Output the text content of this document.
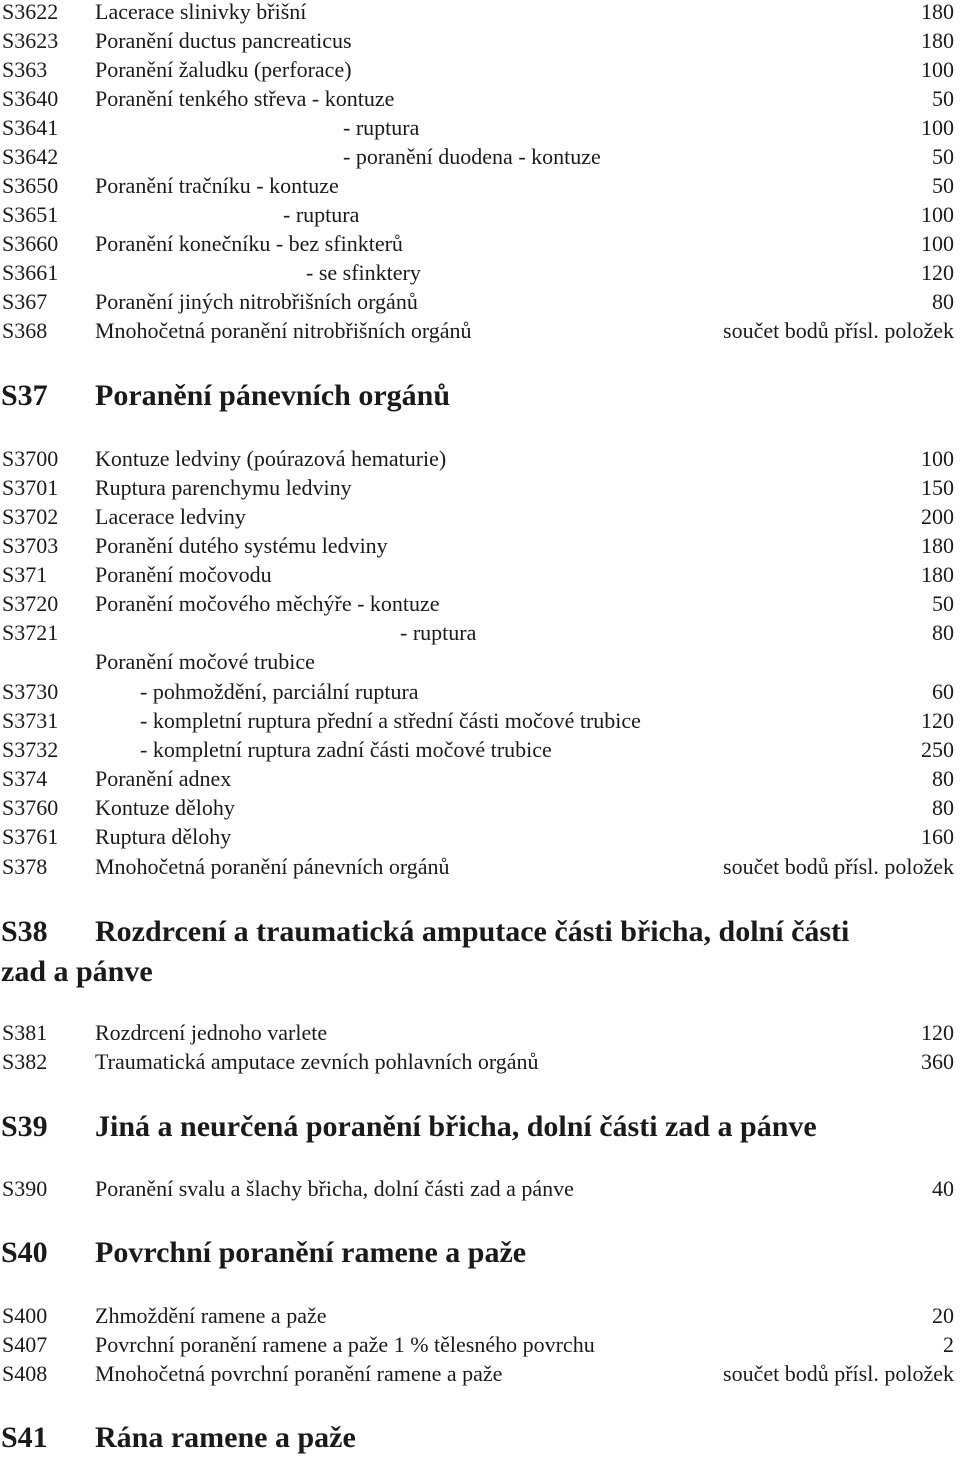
S3622 Lacerace slinivky břišní	180
S3623 Poranění ductus pancreaticus	180
S363 Poranění žaludku (perforace)	100
S3640 Poranění tenkého střeva - kontuze	50
S3641	- ruptura	100
S3642	- poranění duodena - kontuze	50
S3650 Poranění tračníku - kontuze	50
S3651	- ruptura	100
S3660 Poranění konečníku - bez sfinkterů	100
S3661	- se sfinktery	120
S367 Poranění jiných nitrobřišních orgánů	80
S368 Mnohočetná poranění nitrobřišních orgánů	součet bodů přísl. položek
S37 Poranění pánevních orgánů
S3700 Kontuze ledviny (poúrazová hematurie)	100
S3701 Ruptura parenchymu ledviny	150
S3702 Lacerace ledviny	200
S3703 Poranění dutého systému ledviny	180
S371 Poranění močovodu	180
S3720 Poranění močového měchýře - kontuze	50
S3721	- ruptura	80
Poranění močové trubice
S3730	- pohmoždění, parciální ruptura	60
S3731	- kompletní ruptura přední a střední části močové trubice	120
S3732	- kompletní ruptura zadní části močové trubice	250
S374 Poranění adnex	80
S3760 Kontuze dělohy	80
S3761 Ruptura dělohy	160
S378 Mnohočetná poranění pánevních orgánů	součet bodů přísl. položek
S38 Rozdrcení a traumatická amputace části břicha, dolní části
zad a pánve
S381 Rozdrcení jednoho varlete	120
S382 Traumatická amputace zevních pohlavních orgánů	360
S39 Jiná a neurčená poranění břicha, dolní části zad a pánve
S390 Poranění svalu a šlachy břicha, dolní části zad a pánve	40
S40 Povrchní poranění ramene a paže
S400 Zhmoždění ramene a paže	20
S407 Povrchní poranění ramene a paže 1 % tělesného povrchu	2
S408 Mnohočetná povrchní poranění ramene a paže	součet bodů přísl. položek
S41 Rána ramene a paže
